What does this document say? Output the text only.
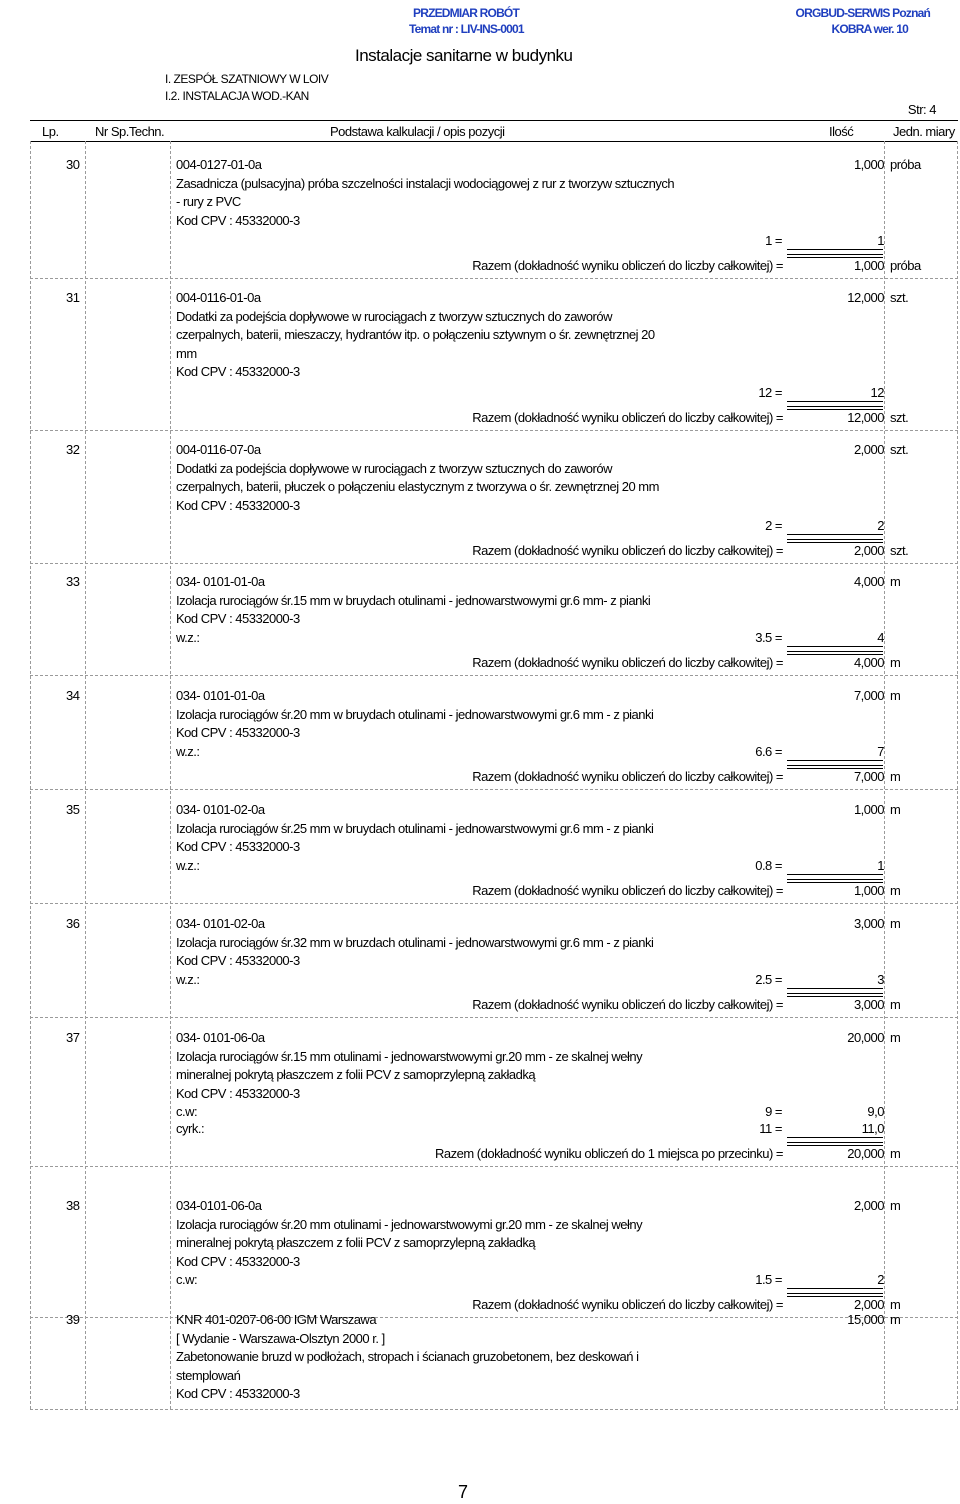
PRZEDMIAR ROBÓT
Temat nr : LIV-INS-0001
ORGBUD-SERWIS Poznań
KOBRA wer. 10
Instalacje sanitarne w budynku
I. ZESPÓŁ SZATNIOWY W LOIV
I.2. INSTALACJA WOD.-KAN
Str: 4
Lp.	Nr Sp.Techn.	Podstawa kalkulacji / opis pozycji	Ilość	Jedn. miary
30	004-0127-01-0a	1,000 próba
Zasadnicza (pulsacyjna) próba szczelności instalacji wodociągowej z rur z tworzyw sztucznych
- rury z PVC
Kod CPV : 45332000-3
1 =	1
Razem (dokładność wyniku obliczeń do liczby całkowitej) =	1,000 próba
31	004-0116-01-0a	12,000 szt.
Dodatki za podejścia dopływowe w rurociągach z tworzyw sztucznych do zaworów
czerpalnych, baterii, mieszaczy, hydrantów itp. o połączeniu sztywnym o śr. zewnętrznej 20
mm
Kod CPV : 45332000-3
12 =	12
Razem (dokładność wyniku obliczeń do liczby całkowitej) =	12,000 szt.
32	004-0116-07-0a	2,000 szt.
Dodatki za podejścia dopływowe w rurociągach z tworzyw sztucznych do zaworów
czerpalnych, baterii, płuczek o połączeniu elastycznym z tworzywa o śr. zewnętrznej 20 mm
Kod CPV : 45332000-3
2 =	2
Razem (dokładność wyniku obliczeń do liczby całkowitej) =	2,000 szt.
33	034- 0101-01-0a	4,000 m
Izolacja rurociągów śr.15 mm w bruydach otulinami - jednowarstwowymi gr.6 mm- z pianki
Kod CPV : 45332000-3
w.z.:	3.5 =	4
Razem (dokładność wyniku obliczeń do liczby całkowitej) =	4,000 m
34	034- 0101-01-0a	7,000 m
Izolacja rurociągów śr.20 mm w bruydach otulinami - jednowarstwowymi gr.6 mm - z pianki
Kod CPV : 45332000-3
w.z.:	6.6 =	7
Razem (dokładność wyniku obliczeń do liczby całkowitej) =	7,000 m
35	034- 0101-02-0a	1,000 m
Izolacja rurociągów śr.25 mm w bruydach otulinami - jednowarstwowymi gr.6 mm - z pianki
Kod CPV : 45332000-3
w.z.:	0.8 =	1
Razem (dokładność wyniku obliczeń do liczby całkowitej) =	1,000 m
36	034- 0101-02-0a	3,000 m
Izolacja rurociągów śr.32 mm w bruzdach otulinami - jednowarstwowymi gr.6 mm - z pianki
Kod CPV : 45332000-3
w.z.:	2.5 =	3
Razem (dokładność wyniku obliczeń do liczby całkowitej) =	3,000 m
37	034- 0101-06-0a	20,000 m
Izolacja rurociągów śr.15 mm otulinami - jednowarstwowymi gr.20 mm - ze skalnej wełny
mineralnej pokrytą płaszczem z folii PCV z samoprzylepną zakładką
Kod CPV : 45332000-3
c.w:	9 =	9,0
cyrk.:	11 =	11,0
Razem (dokładność wyniku obliczeń do 1 miejsca po przecinku) =	20,000 m
38	034-0101-06-0a	2,000 m
Izolacja rurociągów śr.20 mm otulinami - jednowarstwowymi gr.20 mm - ze skalnej wełny
mineralnej pokrytą płaszczem z folii PCV z samoprzylepną zakładką
Kod CPV : 45332000-3
c.w:	1.5 =	2
Razem (dokładność wyniku obliczeń do liczby całkowitej) =	2,000 m
39	15,000 m
KNR 401-0207-06-00 IGM Warszawa
[ Wydanie - Warszawa-Olsztyn 2000 r. ]
Zabetonowanie bruzd w podłożach, stropach i ścianach gruzobetonem, bez deskowań i
stemplowań
Kod CPV : 45332000-3
7
